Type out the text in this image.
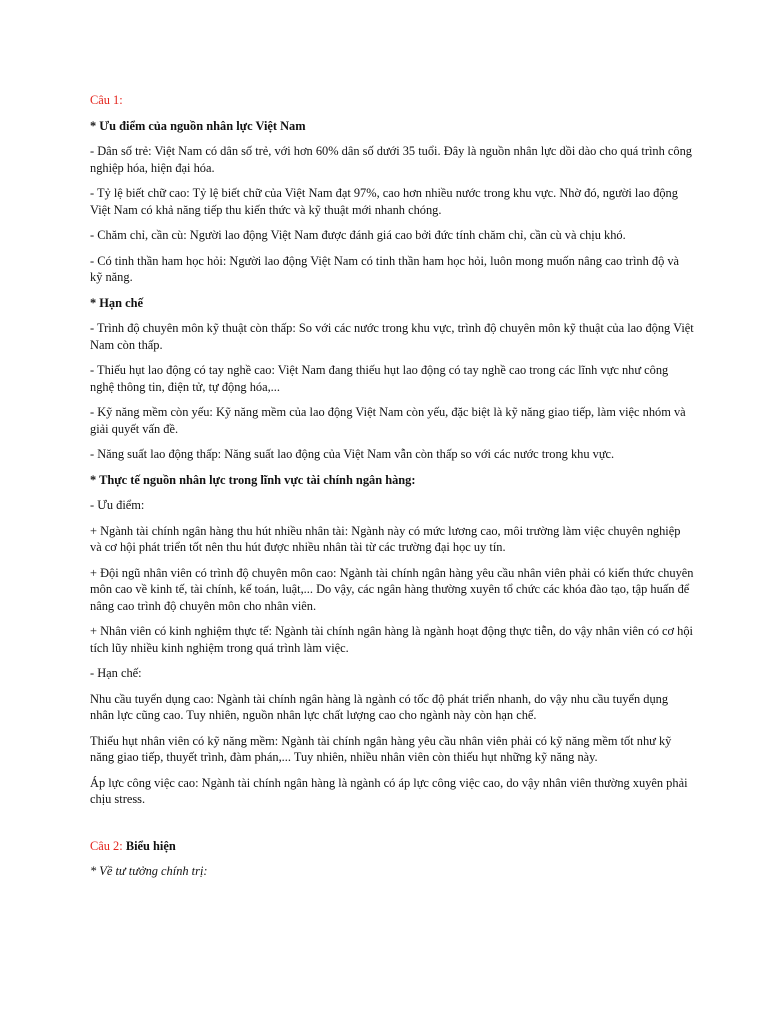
Câu 1:

* Ưu điểm của nguồn nhân lực Việt Nam

- Dân số trẻ: Việt Nam có dân số trẻ, với hơn 60% dân số dưới 35 tuổi. Đây là nguồn nhân lực dồi dào cho quá trình công nghiệp hóa, hiện đại hóa.

- Tỷ lệ biết chữ cao: Tỷ lệ biết chữ của Việt Nam đạt 97%, cao hơn nhiều nước trong khu vực. Nhờ đó, người lao động Việt Nam có khả năng tiếp thu kiến thức và kỹ thuật mới nhanh chóng.

- Chăm chỉ, cần cù: Người lao động Việt Nam được đánh giá cao bởi đức tính chăm chỉ, cần cù và chịu khó.

- Có tinh thần ham học hỏi: Người lao động Việt Nam có tinh thần ham học hỏi, luôn mong muốn nâng cao trình độ và kỹ năng.

* Hạn chế

- Trình độ chuyên môn kỹ thuật còn thấp: So với các nước trong khu vực, trình độ chuyên môn kỹ thuật của lao động Việt Nam còn thấp.

- Thiếu hụt lao động có tay nghề cao: Việt Nam đang thiếu hụt lao động có tay nghề cao trong các lĩnh vực như công nghệ thông tin, điện tử, tự động hóa,...

- Kỹ năng mềm còn yếu: Kỹ năng mềm của lao động Việt Nam còn yếu, đặc biệt là kỹ năng giao tiếp, làm việc nhóm và giải quyết vấn đề.

- Năng suất lao động thấp: Năng suất lao động của Việt Nam vẫn còn thấp so với các nước trong khu vực.

* Thực tế nguồn nhân lực trong lĩnh vực tài chính ngân hàng:

- Ưu điểm:

+ Ngành tài chính ngân hàng thu hút nhiều nhân tài: Ngành này có mức lương cao, môi trường làm việc chuyên nghiệp và cơ hội phát triển tốt nên thu hút được nhiều nhân tài từ các trường đại học uy tín.

+ Đội ngũ nhân viên có trình độ chuyên môn cao: Ngành tài chính ngân hàng yêu cầu nhân viên phải có kiến thức chuyên môn cao về kinh tế, tài chính, kế toán, luật,... Do vậy, các ngân hàng thường xuyên tổ chức các khóa đào tạo, tập huấn để nâng cao trình độ chuyên môn cho nhân viên.

+ Nhân viên có kinh nghiệm thực tế: Ngành tài chính ngân hàng là ngành hoạt động thực tiễn, do vậy nhân viên có cơ hội tích lũy nhiều kinh nghiệm trong quá trình làm việc.

- Hạn chế:

Nhu cầu tuyển dụng cao: Ngành tài chính ngân hàng là ngành có tốc độ phát triển nhanh, do vậy nhu cầu tuyển dụng nhân lực cũng cao. Tuy nhiên, nguồn nhân lực chất lượng cao cho ngành này còn hạn chế.

Thiếu hụt nhân viên có kỹ năng mềm: Ngành tài chính ngân hàng yêu cầu nhân viên phải có kỹ năng mềm tốt như kỹ năng giao tiếp, thuyết trình, đàm phán,... Tuy nhiên, nhiều nhân viên còn thiếu hụt những kỹ năng này.

Áp lực công việc cao: Ngành tài chính ngân hàng là ngành có áp lực công việc cao, do vậy nhân viên thường xuyên phải chịu stress.

Câu 2: Biểu hiện

* Về tư tưởng chính trị:
